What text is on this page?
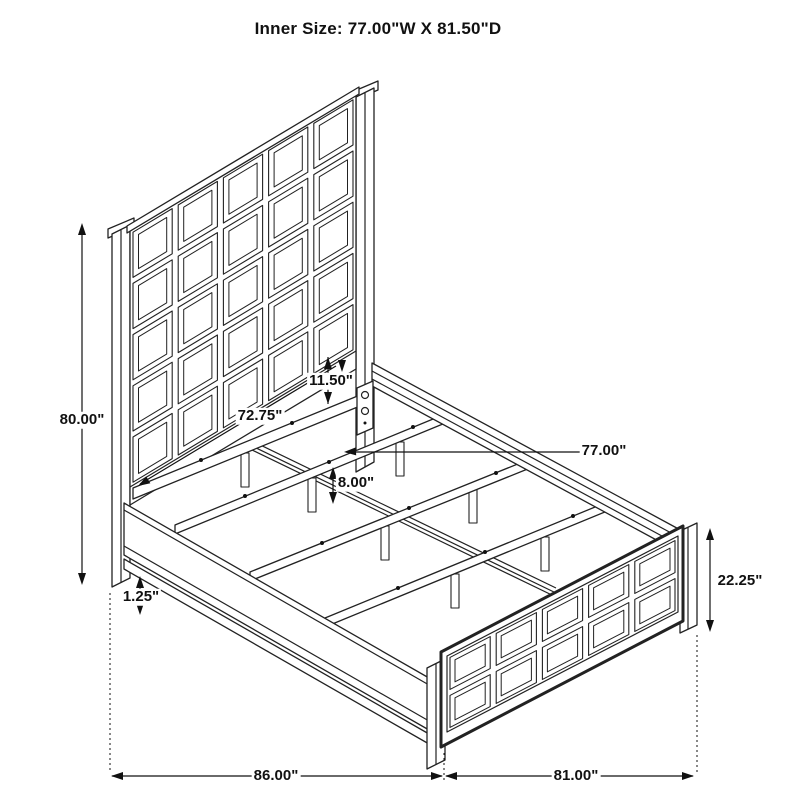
Inner Size: 77.00"W X 81.50"D
80.00"	72.75"
11.50"
77.00"
8.00"
1.25"
22.25"
86.00"	81.00"
